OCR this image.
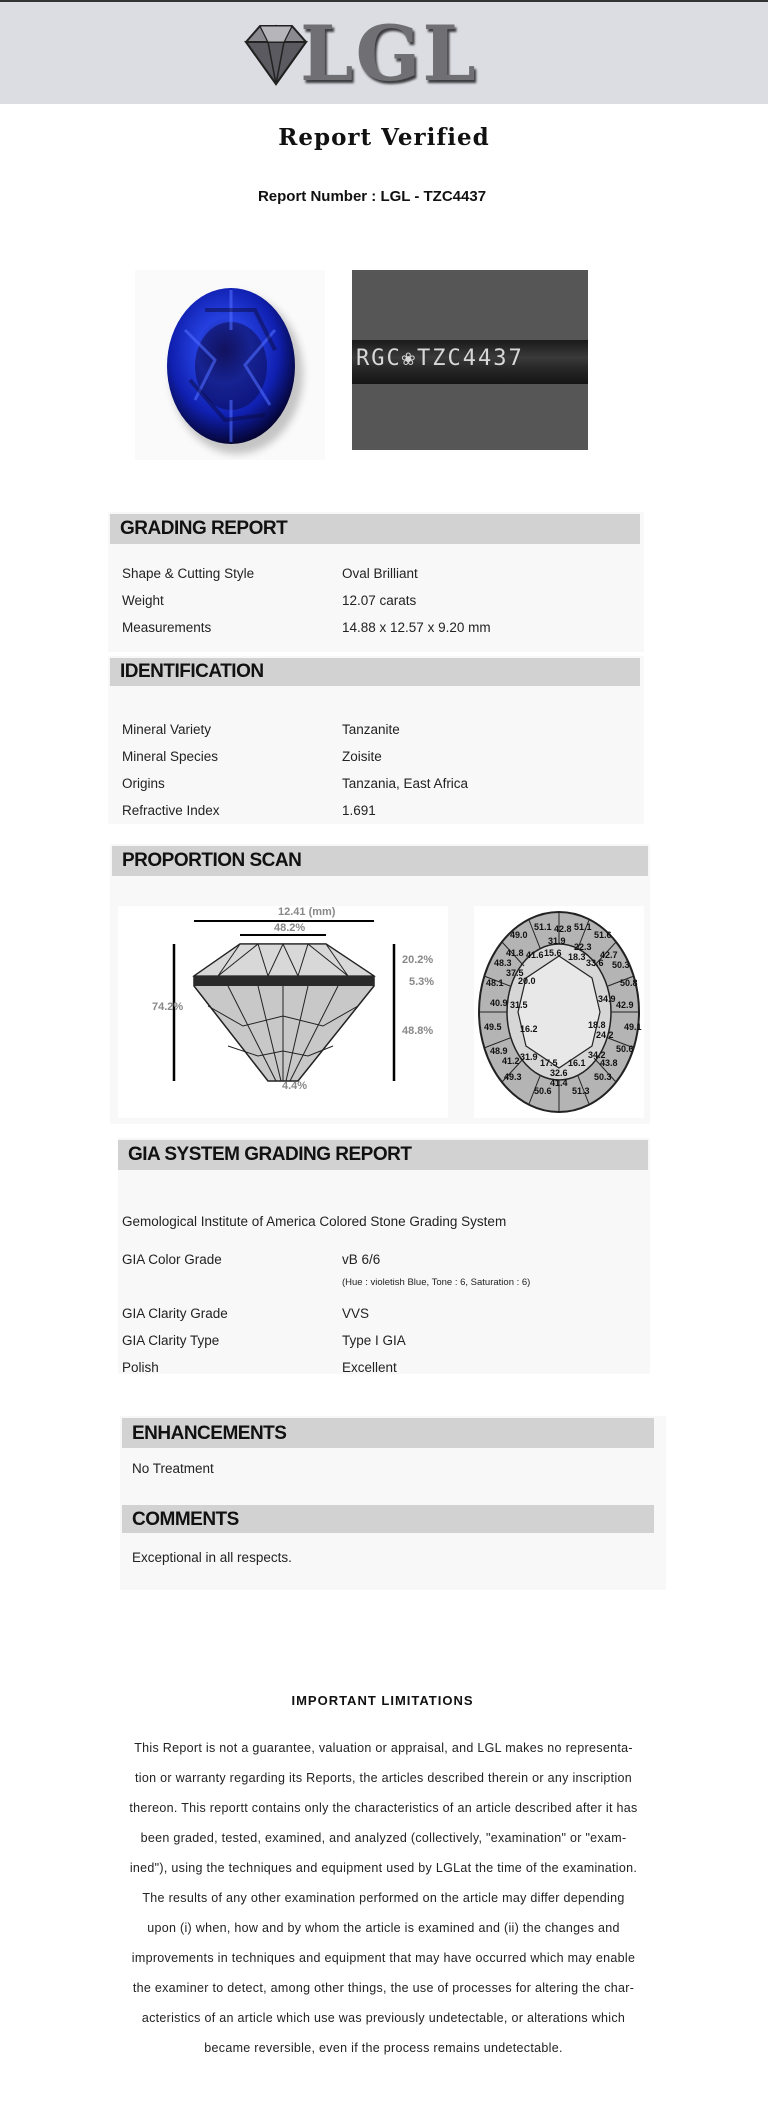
LGL
Report Verified
Report Number : LGL - TZC4437
RGC❀TZC4437
GRADING REPORT
Shape & Cutting Style	Oval Brilliant
Weight	12.07 carats
Measurements	14.88 x 12.57 x 9.20 mm
IDENTIFICATION
Mineral Variety	Tanzanite
Mineral Species	Zoisite
Origins	Tanzania, East Africa
Refractive Index	1.691
PROPORTION SCAN
12.41 (mm)
48.2%
20.2%
5.3%
48.8%
74.2%
4.4%
51.1 42.8 51.1
49.0
31.9
51.6
41.8 41.6 15.6
22.3
48.3
18.3 42.7
37.5
33.6 50.3
48.1 20.0	50.8
40.9 31.5
34.9
42.9
49.5 16.2	18.8 49.1
24.2
48.9	34.2
50.6
41.2 31.9
17.5 16.1 43.8
49.3	32.6	50.3
41.4
50.6 51.3
GIA SYSTEM GRADING REPORT
Gemological Institute of America Colored Stone Grading System
GIA Color Grade	vB 6/6
(Hue : violetish Blue, Tone : 6, Saturation : 6)
GIA Clarity Grade	VVS
GIA Clarity Type	Type I GIA
Polish	Excellent
ENHANCEMENTS
No Treatment
COMMENTS
Exceptional in all respects.
IMPORTANT LIMITATIONS
This Report is not a guarantee, valuation or appraisal, and LGL makes no representa-
tion or warranty regarding its Reports, the articles described therein or any inscription
thereon. This reportt contains only the characteristics of an article described after it has
been graded, tested, examined, and analyzed (collectively, "examination" or "exam-
ined"), using the techniques and equipment used by LGLat the time of the examination.
The results of any other examination performed on the article may differ depending
upon (i) when, how and by whom the article is examined and (ii) the changes and
improvements in techniques and equipment that may have occurred which may enable
the examiner to detect, among other things, the use of processes for altering the char-
acteristics of an article which use was previously undetectable, or alterations which
became reversible, even if the process remains undetectable.
